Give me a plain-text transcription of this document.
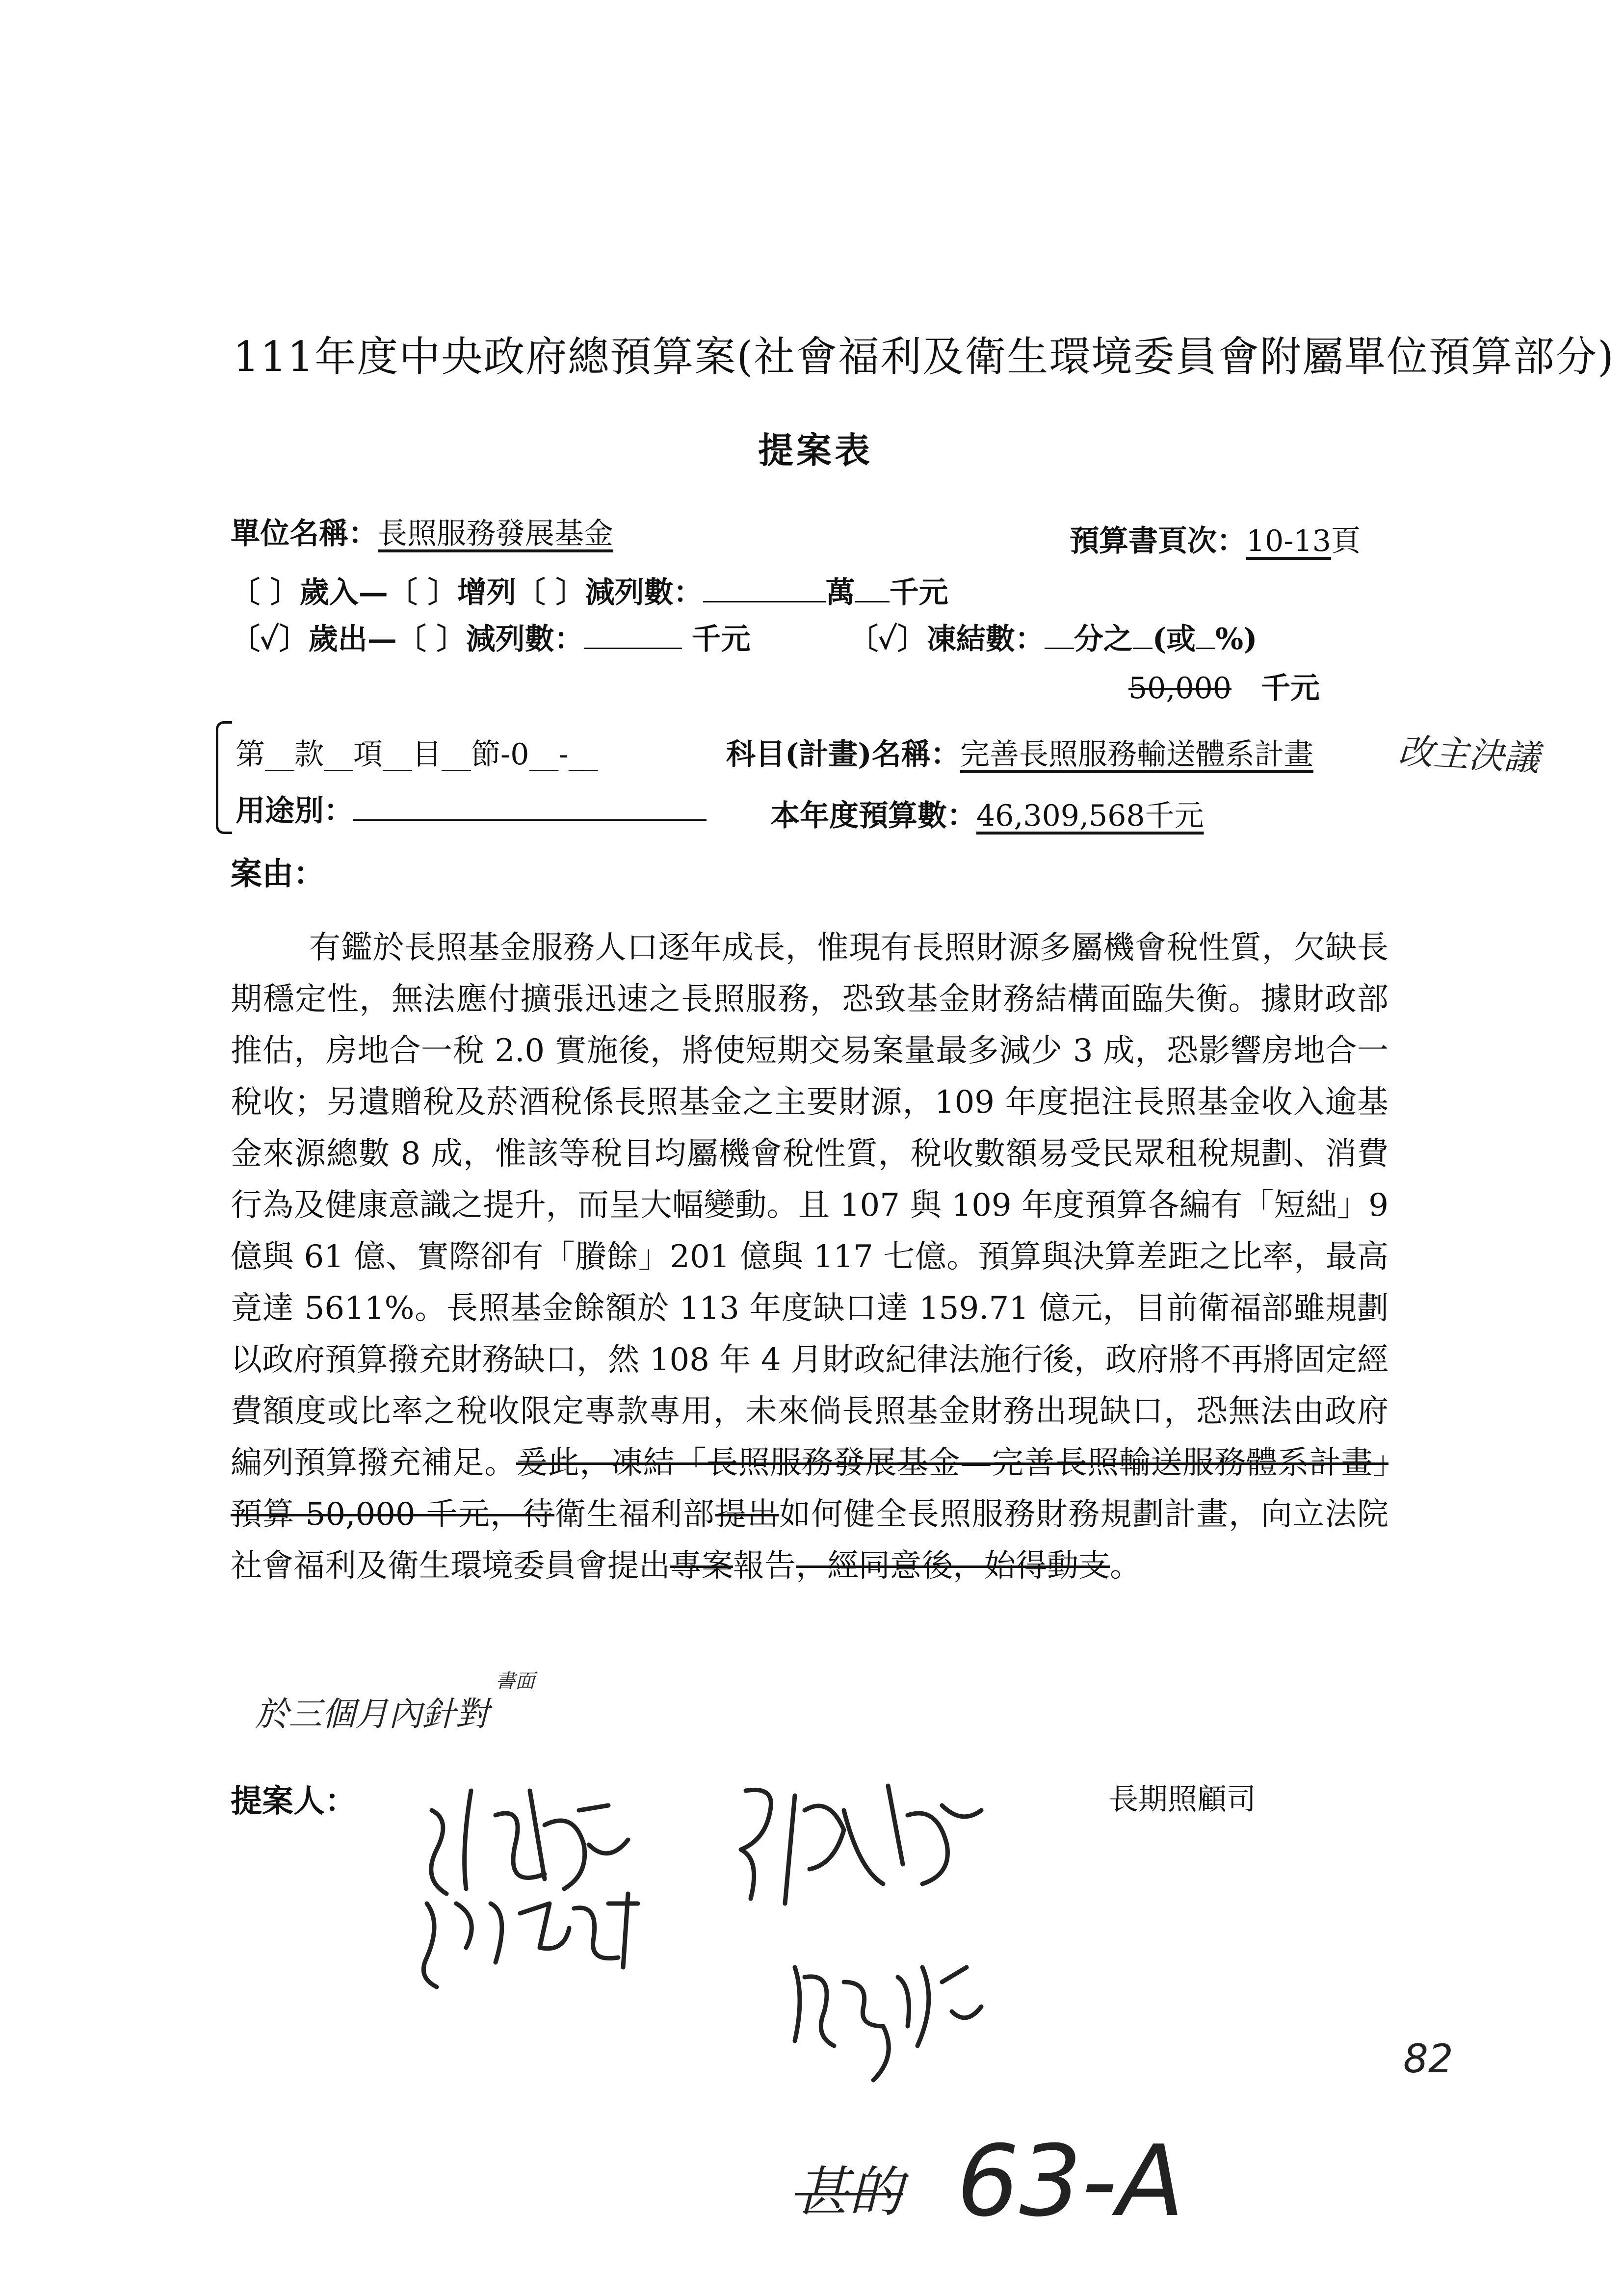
111年度中央政府總預算案(社會福利及衛生環境委員會附屬單位預算部分)
提案表
單位名稱：長照服務發展基金	預算書頁次：10-13頁
〔 〕歲入—〔 〕增列〔 〕減列數：	萬 千元
〔✓〕歲出—〔 〕減列數：	千元	〔✓〕凍結數： 分之 (或 %)
50,000 千元
第__款__項__目__節-0__-__	科目(計畫)名稱：完善長照服務輸送體系計畫 改主決議
用途別：	本年度預算數：46,309,568千元
案由：

有鑑於長照基金服務人口逐年成長，惟現有長照財源多屬機會稅性質，欠缺長期穩定性，無法應付擴張迅速之長照服務，恐致基金財務結構面臨失衡。據財政部推估，房地合一稅 2.0 實施後，將使短期交易案量最多減少 3 成，恐影響房地合一稅收；另遺贈稅及菸酒稅係長照基金之主要財源，109 年度挹注長照基金收入逾基金來源總數 8 成，惟該等稅目均屬機會稅性質，稅收數額易受民眾租稅規劃、消費行為及健康意識之提升，而呈大幅變動。且 107 與 109 年度預算各編有「短絀」9 億與 61 億、實際卻有「賸餘」201 億與 117 七億。預算與決算差距之比率，最高竟達 5611%。長照基金餘額於 113 年度缺口達 159.71 億元，目前衛福部雖規劃以政府預算撥充財務缺口，然 108 年 4 月財政紀律法施行後，政府將不再將固定經費額度或比率之稅收限定專款專用，未來倘長照基金財務出現缺口，恐無法由政府編列預算撥充補足。爰此，凍結「長照服務發展基金—完善長照輸送服務體系計畫」預算 50,000 千元，待衛生福利部提出如何健全長照服務財務規劃計畫，向立法院社會福利及衛生環境委員會提出專案報告，經同意後，始得動支。

於三個月內針對
書面
提案人：	長期照顧司
82
甚的 63-A
